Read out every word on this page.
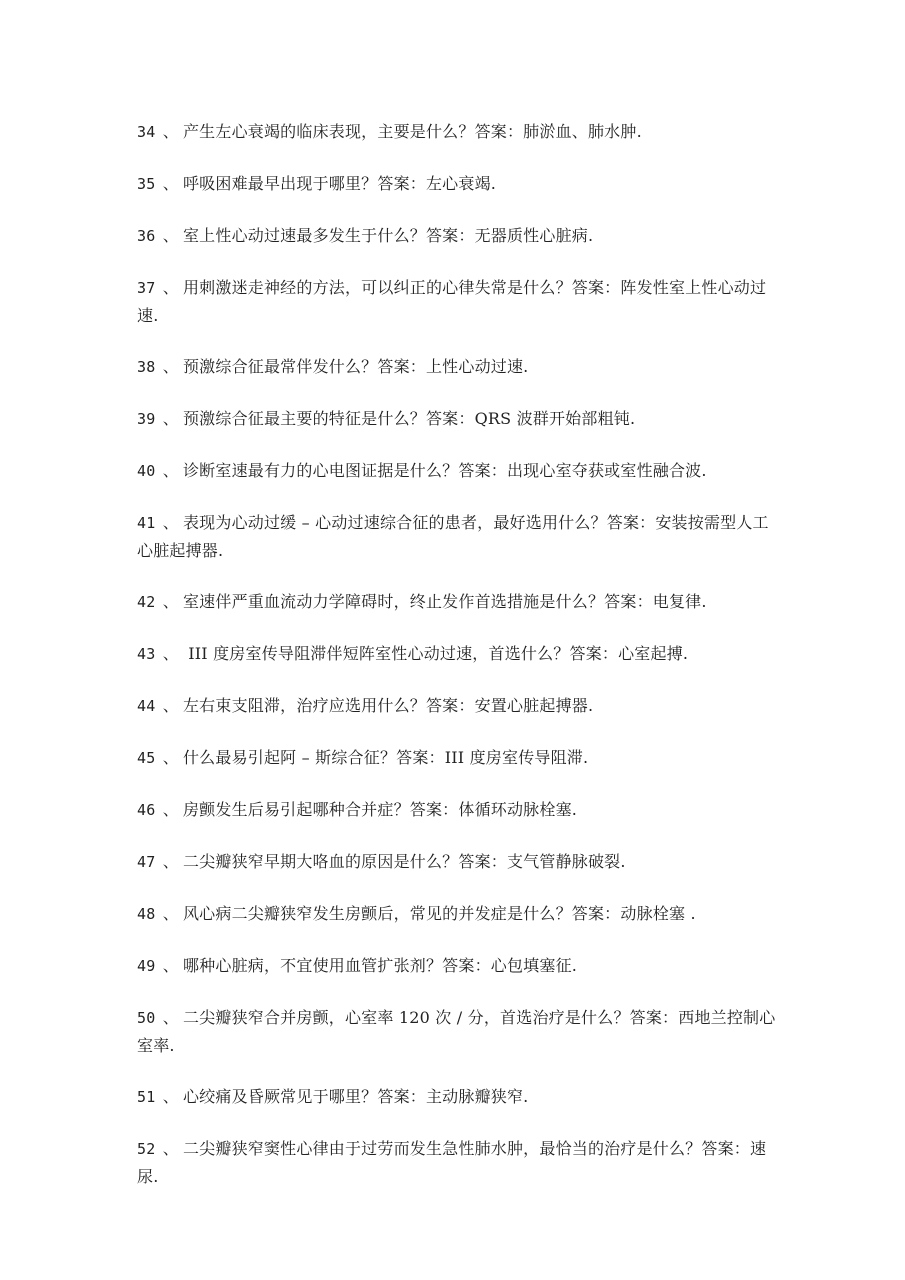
34 、 产生左心衰竭的临床表现，主要是什么？答案：肺淤血、肺水肿.
35 、 呼吸困难最早出现于哪里？答案：左心衰竭.
36 、 室上性心动过速最多发生于什么？答案：无器质性心脏病.
37 、 用刺激迷走神经的方法，可以纠正的心律失常是什么？答案：阵发性室上性心动过速.
38 、 预激综合征最常伴发什么？答案：上性心动过速.
39 、 预激综合征最主要的特征是什么？答案：QRS 波群开始部粗钝.
40 、 诊断室速最有力的心电图证据是什么？答案：出现心室夺获或室性融合波.
41 、 表现为心动过缓 – 心动过速综合征的患者，最好选用什么？答案：安装按需型人工心脏起搏器.
42 、 室速伴严重血流动力学障碍时，终止发作首选措施是什么？答案：电复律.
43 、 III 度房室传导阻滞伴短阵室性心动过速，首选什么？答案：心室起搏.
44 、 左右束支阻滞，治疗应选用什么？答案：安置心脏起搏器.
45 、 什么最易引起阿 – 斯综合征？答案：III 度房室传导阻滞.
46 、 房颤发生后易引起哪种合并症？答案：体循环动脉栓塞.
47 、 二尖瓣狭窄早期大咯血的原因是什么？答案：支气管静脉破裂.
48 、 风心病二尖瓣狭窄发生房颤后，常见的并发症是什么？答案：动脉栓塞 .
49 、 哪种心脏病，不宜使用血管扩张剂？答案：心包填塞征.
50 、 二尖瓣狭窄合并房颤，心室率 120 次 / 分，首选治疗是什么？答案：西地兰控制心室率.
51 、 心绞痛及昏厥常见于哪里？答案：主动脉瓣狭窄.
52 、 二尖瓣狭窄窦性心律由于过劳而发生急性肺水肿，最恰当的治疗是什么？答案：速尿.
